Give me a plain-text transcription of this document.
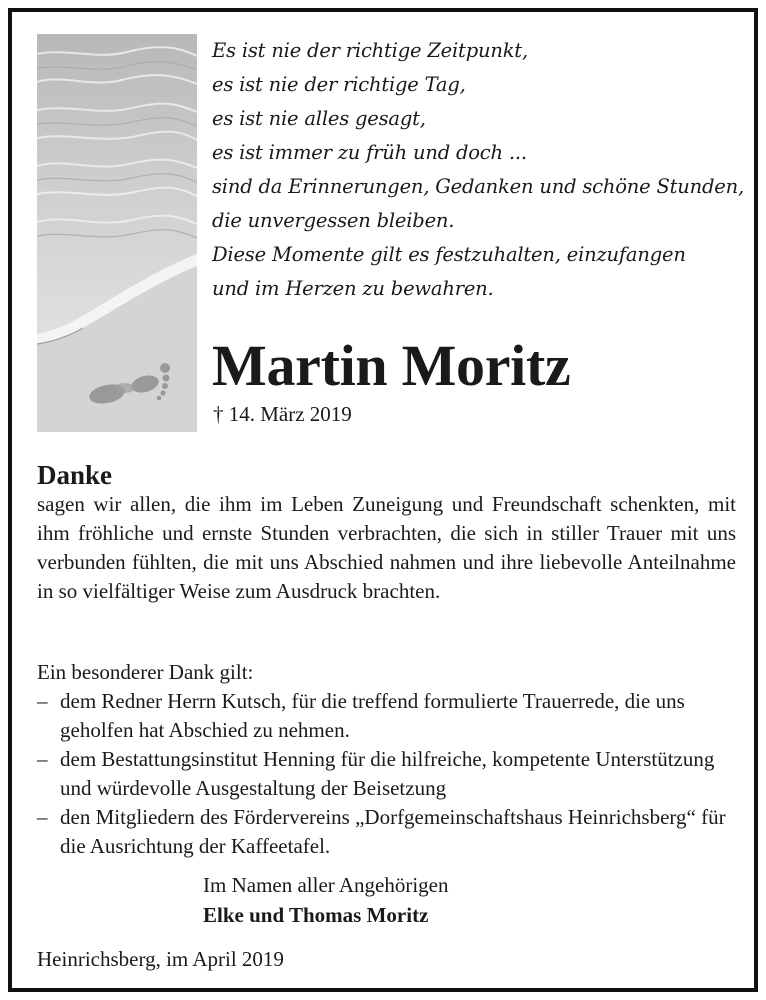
Es ist nie der richtige Zeitpunkt,
es ist nie der richtige Tag,
es ist nie alles gesagt,
es ist immer zu früh und doch ...
sind da Erinnerungen, Gedanken und schöne Stunden,
die unvergessen bleiben.
Diese Momente gilt es festzuhalten, einzufangen
und im Herzen zu bewahren.
Martin Moritz
† 14. März 2019
Danke
sagen wir allen, die ihm im Leben Zuneigung und Freundschaft schenkten, mit ihm fröhliche und ernste Stunden verbrachten, die sich in stiller Trauer mit uns verbunden fühlten, die mit uns Abschied nahmen und ihre liebevolle Anteilnahme in so vielfältiger Weise zum Ausdruck brachten.
Ein besonderer Dank gilt:
– dem Redner Herrn Kutsch, für die treffend formulierte Trauerrede, die uns geholfen hat Abschied zu nehmen.
– dem Bestattungsinstitut Henning für die hilfreiche, kompetente Unterstützung und würdevolle Ausgestaltung der Beisetzung
– den Mitgliedern des Fördervereins „Dorfgemeinschaftshaus Heinrichsberg“ für die Ausrichtung der Kaffeetafel.
Im Namen aller Angehörigen
Elke und Thomas Moritz
Heinrichsberg, im April 2019
